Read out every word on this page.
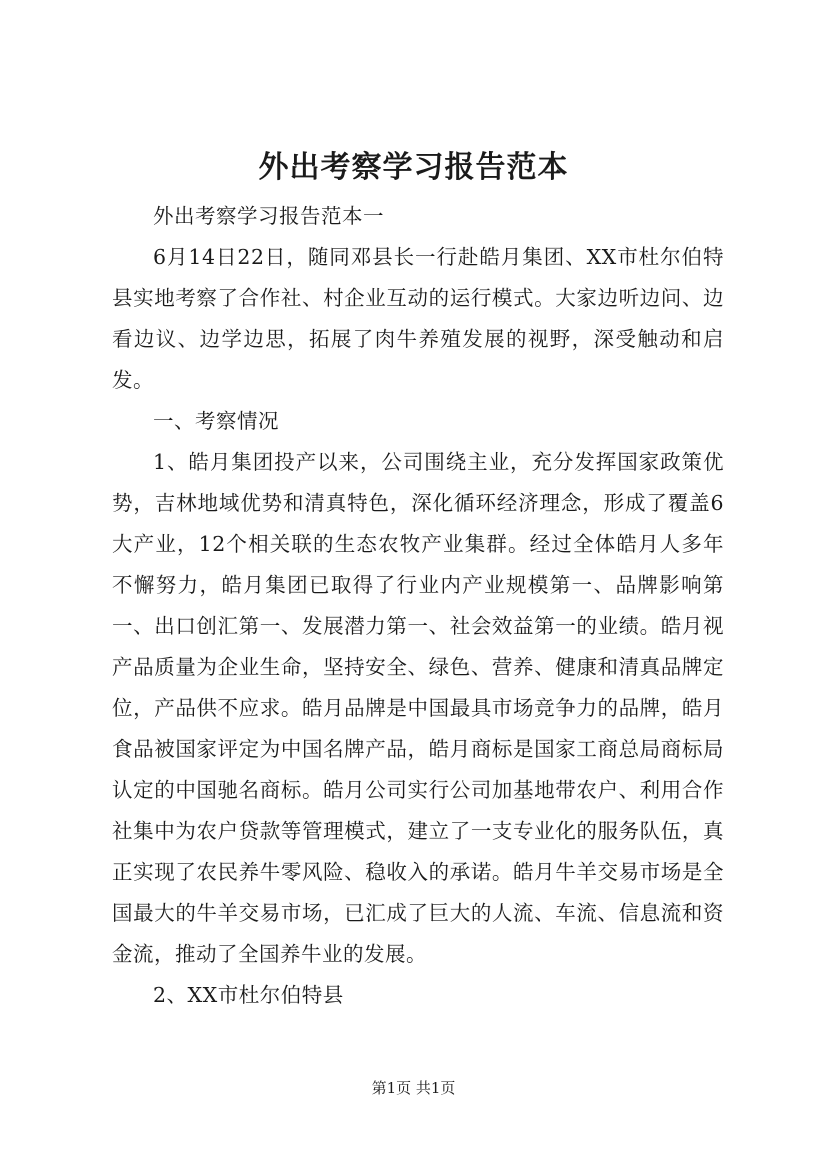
外出考察学习报告范本

外出考察学习报告范本一

6月14日22日，随同邓县长一行赴皓月集团、XX市杜尔伯特县实地考察了合作社、村企业互动的运行模式。大家边听边问、边看边议、边学边思，拓展了肉牛养殖发展的视野，深受触动和启发。

一、考察情况

1、皓月集团投产以来，公司围绕主业，充分发挥国家政策优势，吉林地域优势和清真特色，深化循环经济理念，形成了覆盖6大产业，12个相关联的生态农牧产业集群。经过全体皓月人多年不懈努力，皓月集团已取得了行业内产业规模第一、品牌影响第一、出口创汇第一、发展潜力第一、社会效益第一的业绩。皓月视产品质量为企业生命，坚持安全、绿色、营养、健康和清真品牌定位，产品供不应求。皓月品牌是中国最具市场竞争力的品牌，皓月食品被国家评定为中国名牌产品，皓月商标是国家工商总局商标局认定的中国驰名商标。皓月公司实行公司加基地带农户、利用合作社集中为农户贷款等管理模式，建立了一支专业化的服务队伍，真正实现了农民养牛零风险、稳收入的承诺。皓月牛羊交易市场是全国最大的牛羊交易市场，已汇成了巨大的人流、车流、信息流和资金流，推动了全国养牛业的发展。

2、XX市杜尔伯特县

第1页 共1页
